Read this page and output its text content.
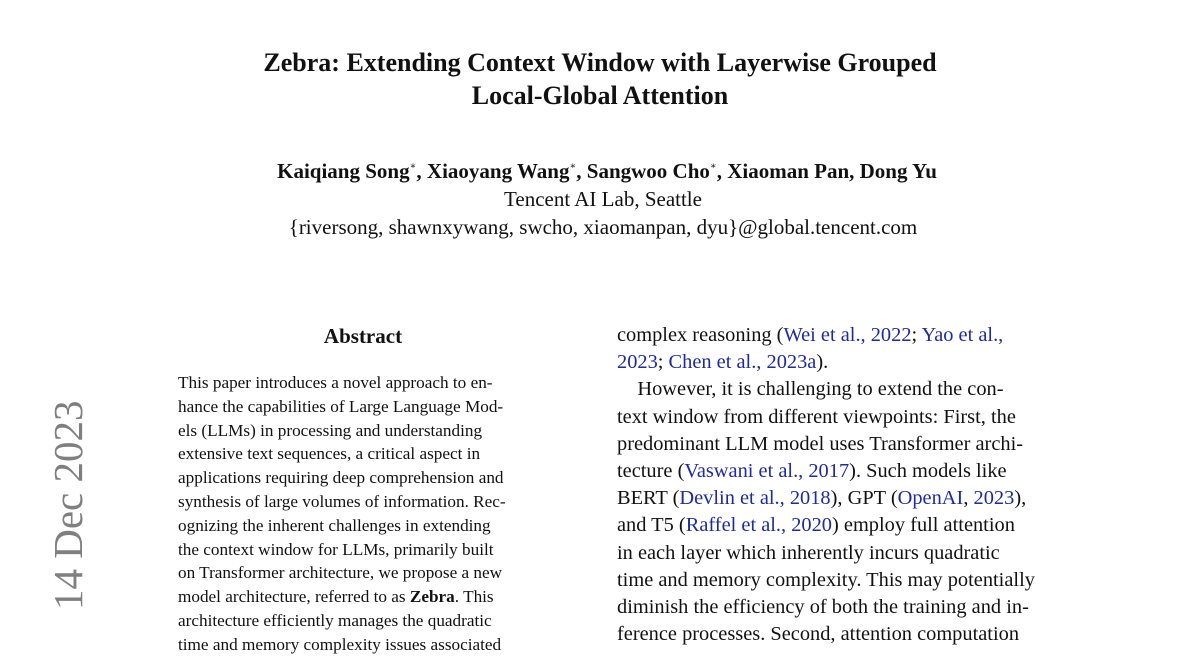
Zebra: Extending Context Window with Layerwise Grouped
Local-Global Attention
Kaiqiang Song∗, Xiaoyang Wang∗, Sangwoo Cho∗, Xiaoman Pan, Dong Yu
Tencent AI Lab, Seattle
{riversong, shawnxywang, swcho, xiaomanpan, dyu}@global.tencent.com
14 Dec 2023
Abstract
This paper introduces a novel approach to en-
hance the capabilities of Large Language Mod-
els (LLMs) in processing and understanding
extensive text sequences, a critical aspect in
applications requiring deep comprehension and
synthesis of large volumes of information. Rec-
ognizing the inherent challenges in extending
the context window for LLMs, primarily built
on Transformer architecture, we propose a new
model architecture, referred to as Zebra. This
architecture efficiently manages the quadratic
time and memory complexity issues associated
complex reasoning (Wei et al., 2022; Yao et al.,
2023; Chen et al., 2023a).
However, it is challenging to extend the con-
text window from different viewpoints: First, the
predominant LLM model uses Transformer archi-
tecture (Vaswani et al., 2017). Such models like
BERT (Devlin et al., 2018), GPT (OpenAI, 2023),
and T5 (Raffel et al., 2020) employ full attention
in each layer which inherently incurs quadratic
time and memory complexity. This may potentially
diminish the efficiency of both the training and in-
ference processes. Second, attention computation
